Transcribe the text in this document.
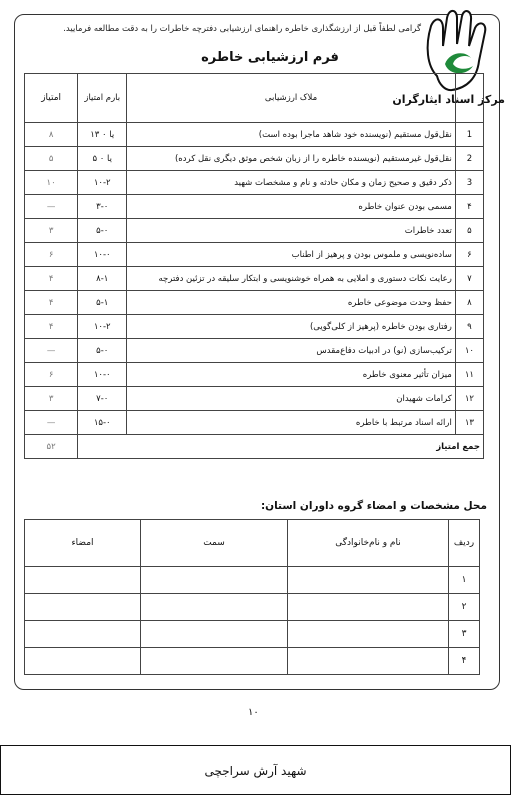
گرامی لطفاً قبل از ارزشگذاری خاطره راهنمای ارزشیابی دفترچه خاطرات را به دقت مطالعه فرمایید.
فرم ارزشیابی خاطره
مرکز اسناد ایثارگران
	ملاک ارزشیابی	بارم امتیاز	امتیاز
1	نقل‌قول مستقیم (نویسنده خود شاهد ماجرا بوده است)	۱۳ یا ۰	۸
2	نقل‌قول غیرمستقیم (نویسنده خاطره را از زبان شخص موثق دیگری نقل کرده)	۵ یا ۰	۵
3	ذکر دقیق و صحیح زمان و مکان حادثه و نام و مشخصات شهید	۱۰-۲	۱۰
۴	مسمی بودن عنوان خاطره	۳-۰	—
۵	تعدد خاطرات	۵-۰	۳
۶	ساده‌نویسی و ملموس بودن و پرهیز از اطناب	۱۰-۰	۶
۷	رعایت نکات دستوری و املایی به همراه خوشنویسی و ابتکار سلیقه در تزئین دفترچه	۸-۱	۴
۸	حفظ وحدت موضوعی خاطره	۵-۱	۴
۹	رفتاری بودن خاطره (پرهیز از کلی‌گویی)	۱۰-۲	۴
۱۰	ترکیب‌سازی (نو) در ادبیات دفاع‌مقدس	۵-۰	—
۱۱	میزان تأثیر معنوی خاطره	۱۰-۰	۶
۱۲	کرامات شهیدان	۷-۰	۳
۱۳	ارائه اسناد مرتبط با خاطره	۱۵-۰	—
جمع امتیاز			۵۲
محل مشخصات و امضاء گروه داوران استان:
ردیف	نام و نام‌خانوادگی	سمت	امضاء
۱			
۲			
۳			
۴			
۱۰
شهید آرش سراجچی
